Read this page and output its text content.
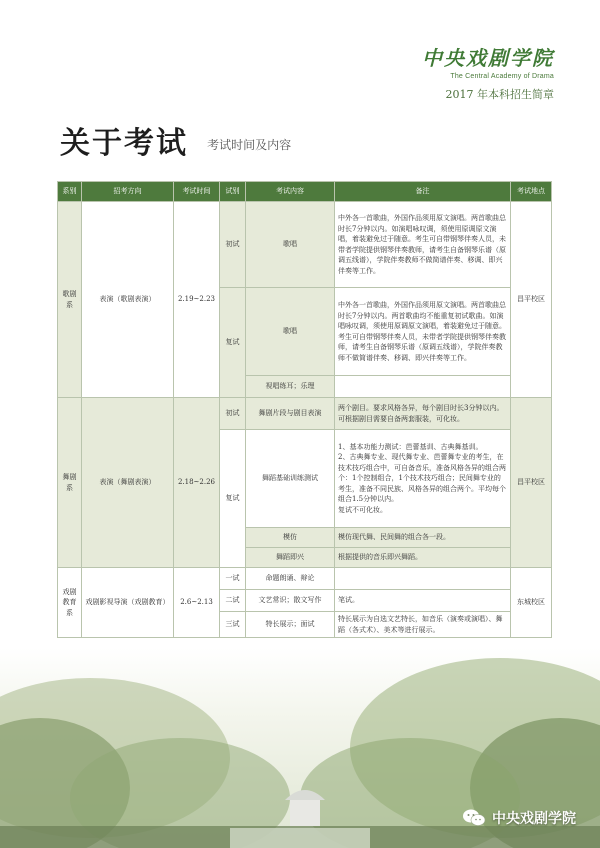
中央戏剧学院
The Central Academy of Drama
2017 年本科招生简章
关于考试 考试时间及内容
系别	招考方向	考试时间	试别	考试内容	备注	考试地点
歌剧系	表演（歌剧表演）	2.19~2.23	初试	歌唱	中外各一首歌曲，外国作品须用原文演唱。两首歌曲总时长7分钟以内。如演唱咏叹调，须使用原调原文演唱，着装避免过于随意。考生可自带钢琴伴奏人员，未带者学院提供钢琴伴奏教师，请考生自备钢琴乐谱（原调五线谱），学院伴奏教师不做简谱伴奏、移调、即兴伴奏等工作。	昌平校区
			复试	歌唱	中外各一首歌曲，外国作品须用原文演唱。两首歌曲总时长7分钟以内。两首歌曲均不能重复初试歌曲。如演唱咏叹调，须使用原调原文演唱，着装避免过于随意。考生可自带钢琴伴奏人员，未带者学院提供钢琴伴奏教师，请考生自备钢琴乐谱（原调五线谱），学院伴奏教师不做简谱伴奏、移调、即兴伴奏等工作。	
				视唱练耳；乐理		
舞剧系	表演（舞剧表演）	2.18~2.26	初试	舞剧片段与剧目表演	两个剧目。要求风格各异，每个剧目时长3分钟以内。可根据剧目需要自备两套服装，可化妆。	昌平校区
			复试	舞蹈基础训练测试	1、基本功能力测试：芭蕾基训、古典舞基训。
2、古典舞专业、现代舞专业、芭蕾舞专业的考生，在技术技巧组合中，可自备音乐，准备风格各异的组合两个：1个控制组合，1个技术技巧组合；民间舞专业的考生，准备不同民族、风格各异的组合两个。平均每个组合1.5分钟以内。
复试不可化妆。	

				模仿	模仿现代舞、民间舞的组合各一段。	
				舞蹈即兴	根据提供的音乐即兴舞蹈。	
戏剧教育系	戏剧影视导演（戏剧教育）	2.6~2.13	一试	命题朗诵、辩论		东城校区
			二试	文艺常识；散文写作	笔试。	
			三试	特长展示；面试	特长展示为自选文艺特长，如音乐（演奏或演唱）、舞蹈（各式术）、美术等进行展示。	
中央戏剧学院
